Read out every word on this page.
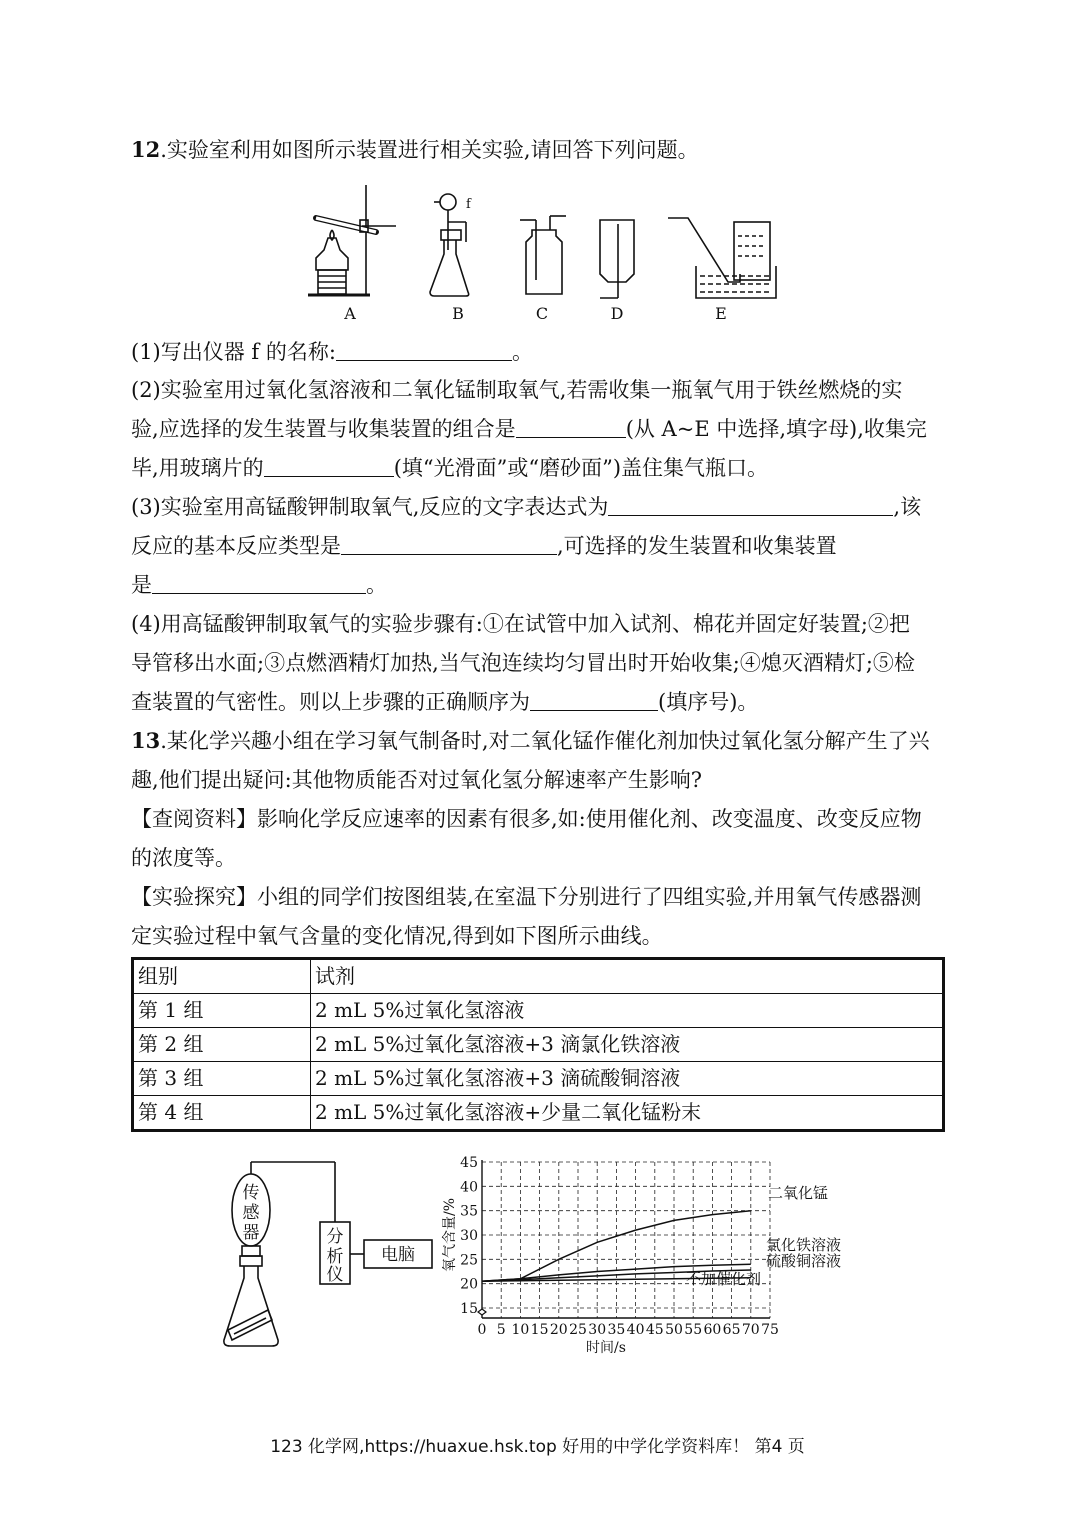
12.实验室利用如图所示装置进行相关实验,请回答下列问题。
f
A	B	C	D	E
(1)写出仪器 f 的名称:	。
(2)实验室用过氧化氢溶液和二氧化锰制取氧气,若需收集一瓶氧气用于铁丝燃烧的实
验,应选择的发生装置与收集装置的组合是	(从 A~E 中选择,填字母),收集完
毕,用玻璃片的	(填“光滑面”或“磨砂面”)盖住集气瓶口。
(3)实验室用高锰酸钾制取氧气,反应的文字表达式为	,该
反应的基本反应类型是	,可选择的发生装置和收集装置
是	。
(4)用高锰酸钾制取氧气的实验步骤有:①在试管中加入试剂、棉花并固定好装置;②把
导管移出水面;③点燃酒精灯加热,当气泡连续均匀冒出时开始收集;④熄灭酒精灯;⑤检
查装置的气密性。则以上步骤的正确顺序为	(填序号)。
13.某化学兴趣小组在学习氧气制备时,对二氧化锰作催化剂加快过氧化氢分解产生了兴
趣,他们提出疑问:其他物质能否对过氧化氢分解速率产生影响?
【查阅资料】影响化学反应速率的因素有很多,如:使用催化剂、改变温度、改变反应物
的浓度等。
【实验探究】小组的同学们按图组装,在室温下分别进行了四组实验,并用氧气传感器测
定实验过程中氧气含量的变化情况,得到如下图所示曲线。
组别	试剂
第 1 组	2 mL 5%过氧化氢溶液
第 2 组	2 mL 5%过氧化氢溶液+3 滴氯化铁溶液
第 3 组	2 mL 5%过氧化氢溶液+3 滴硫酸铜溶液
第 4 组	2 mL 5%过氧化氢溶液+少量二氧化锰粉末
传
感
器	分
析
仪
电脑
0 5 10 15 20 25 30 35 40 45 50 55 60 65 70 75
15
20
25
30
35
40
45
时间/s
氧气含量/%
二氧化锰
氯化铁溶液
硫酸铜溶液
不加催化剂
123 化学网,https://huaxue.hsk.top 好用的中学化学资料库！ 第4 页
